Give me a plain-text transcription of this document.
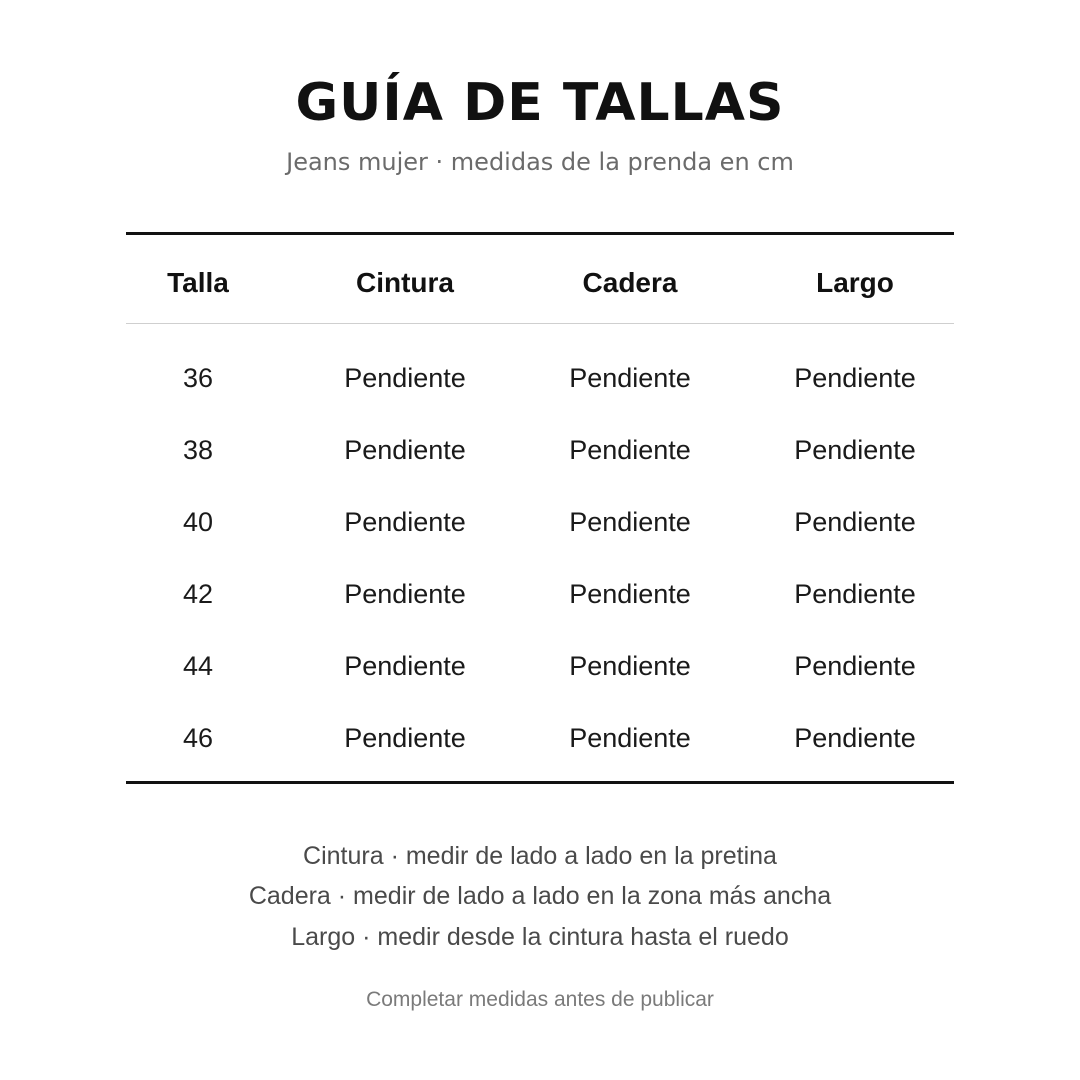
GUÍA DE TALLAS
Jeans mujer · medidas de la prenda en cm
Talla	Cintura	Cadera	Largo
36	Pendiente	Pendiente	Pendiente
38	Pendiente	Pendiente	Pendiente
40	Pendiente	Pendiente	Pendiente
42	Pendiente	Pendiente	Pendiente
44	Pendiente	Pendiente	Pendiente
46	Pendiente	Pendiente	Pendiente
Cintura · medir de lado a lado en la pretina
Cadera · medir de lado a lado en la zona más ancha
Largo · medir desde la cintura hasta el ruedo
Completar medidas antes de publicar
